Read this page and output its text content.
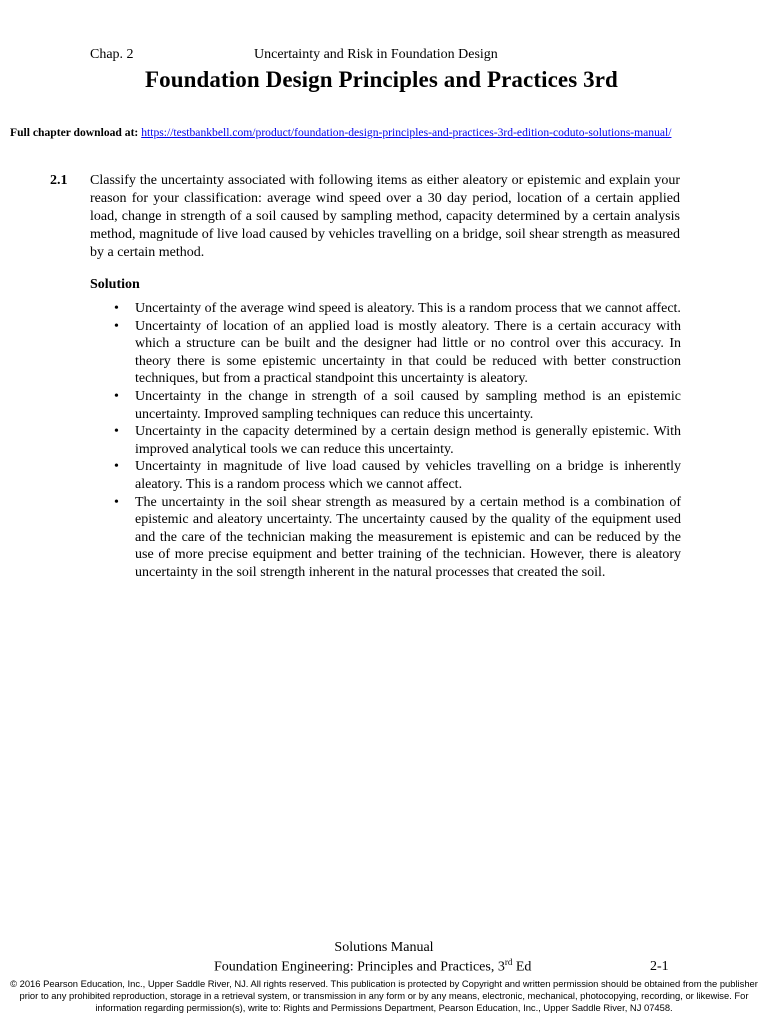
Chap. 2	Uncertainty and Risk in Foundation Design
Foundation Design Principles and Practices 3rd
Full chapter download at: https://testbankbell.com/product/foundation-design-principles-and-practices-3rd-edition-coduto-solutions-manual/
2.1 Classify the uncertainty associated with following items as either aleatory or epistemic and explain your reason for your classification: average wind speed over a 30 day period, location of a certain applied load, change in strength of a soil caused by sampling method, capacity determined by a certain analysis method, magnitude of live load caused by vehicles travelling on a bridge, soil shear strength as measured by a certain method.
Solution
• Uncertainty of the average wind speed is aleatory. This is a random process that we cannot affect.
• Uncertainty of location of an applied load is mostly aleatory. There is a certain accuracy with which a structure can be built and the designer had little or no control over this accuracy. In theory there is some epistemic uncertainty in that could be reduced with better construction techniques, but from a practical standpoint this uncertainty is aleatory.
• Uncertainty in the change in strength of a soil caused by sampling method is an epistemic uncertainty. Improved sampling techniques can reduce this uncertainty.
• Uncertainty in the capacity determined by a certain design method is generally epistemic. With improved analytical tools we can reduce this uncertainty.
• Uncertainty in magnitude of live load caused by vehicles travelling on a bridge is inherently aleatory. This is a random process which we cannot affect.
• The uncertainty in the soil shear strength as measured by a certain method is a combination of epistemic and aleatory uncertainty. The uncertainty caused by the quality of the equipment used and the care of the technician making the measurement is epistemic and can be reduced by the use of more precise equipment and better training of the technician. However, there is aleatory uncertainty in the soil strength inherent in the natural processes that created the soil.
Solutions Manual
Foundation Engineering: Principles and Practices, 3rd Ed	2-1
© 2016 Pearson Education, Inc., Upper Saddle River, NJ. All rights reserved. This publication is protected by Copyright and written permission should be obtained from the publisher prior to any prohibited reproduction, storage in a retrieval system, or transmission in any form or by any means, electronic, mechanical, photocopying, recording, or likewise. For information regarding permission(s), write to: Rights and Permissions Department, Pearson Education, Inc., Upper Saddle River, NJ 07458.
